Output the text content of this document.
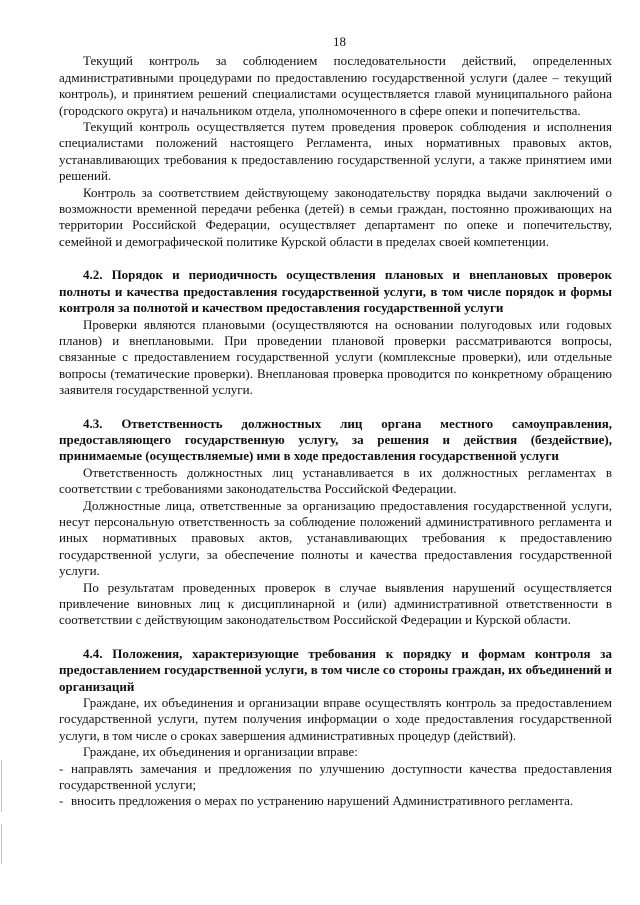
18

Текущий контроль за соблюдением последовательности действий, определенных административными процедурами по предоставлению государственной услуги (далее – текущий контроль), и принятием решений специалистами осуществляется главой муниципального района (городского округа) и начальником отдела, уполномоченного в сфере опеки и попечительства.

Текущий контроль осуществляется путем проведения проверок соблюдения и исполнения специалистами положений настоящего Регламента, иных нормативных правовых актов, устанавливающих требования к предоставлению государственной услуги, а также принятием ими решений.

Контроль за соответствием действующему законодательству порядка выдачи заключений о возможности временной передачи ребенка (детей) в семьи граждан, постоянно проживающих на территории Российской Федерации, осуществляет департамент по опеке и попечительству, семейной и демографической политике Курской области в пределах своей компетенции.

4.2. Порядок и периодичность осуществления плановых и внеплановых проверок полноты и качества предоставления государственной услуги, в том числе порядок и формы контроля за полнотой и качеством предоставления государственной услуги

Проверки являются плановыми (осуществляются на основании полугодовых или годовых планов) и внеплановыми. При проведении плановой проверки рассматриваются вопросы, связанные с предоставлением государственной услуги (комплексные проверки), или отдельные вопросы (тематические проверки). Внеплановая проверка проводится по конкретному обращению заявителя государственной услуги.

4.3. Ответственность должностных лиц органа местного самоуправления, предоставляющего государственную услугу, за решения и действия (бездействие), принимаемые (осуществляемые) ими в ходе предоставления государственной услуги

Ответственность должностных лиц устанавливается в их должностных регламентах в соответствии с требованиями законодательства Российской Федерации.

Должностные лица, ответственные за организацию предоставления государственной услуги, несут персональную ответственность за соблюдение положений административного регламента и иных нормативных правовых актов, устанавливающих требования к предоставлению государственной услуги, за обеспечение полноты и качества предоставления государственной услуги.

По результатам проведенных проверок в случае выявления нарушений осуществляется привлечение виновных лиц к дисциплинарной и (или) административной ответственности в соответствии с действующим законодательством Российской Федерации и Курской области.

4.4. Положения, характеризующие требования к порядку и формам контроля за предоставлением государственной услуги, в том числе со стороны граждан, их объединений и организаций

Граждане, их объединения и организации вправе осуществлять контроль за предоставлением государственной услуги, путем получения информации о ходе предоставления государственной услуги, в том числе о сроках завершения административных процедур (действий).

Граждане, их объединения и организации вправе:

- направлять замечания и предложения по улучшению доступности качества предоставления государственной услуги;

- вносить предложения о мерах по устранению нарушений Административного регламента.
